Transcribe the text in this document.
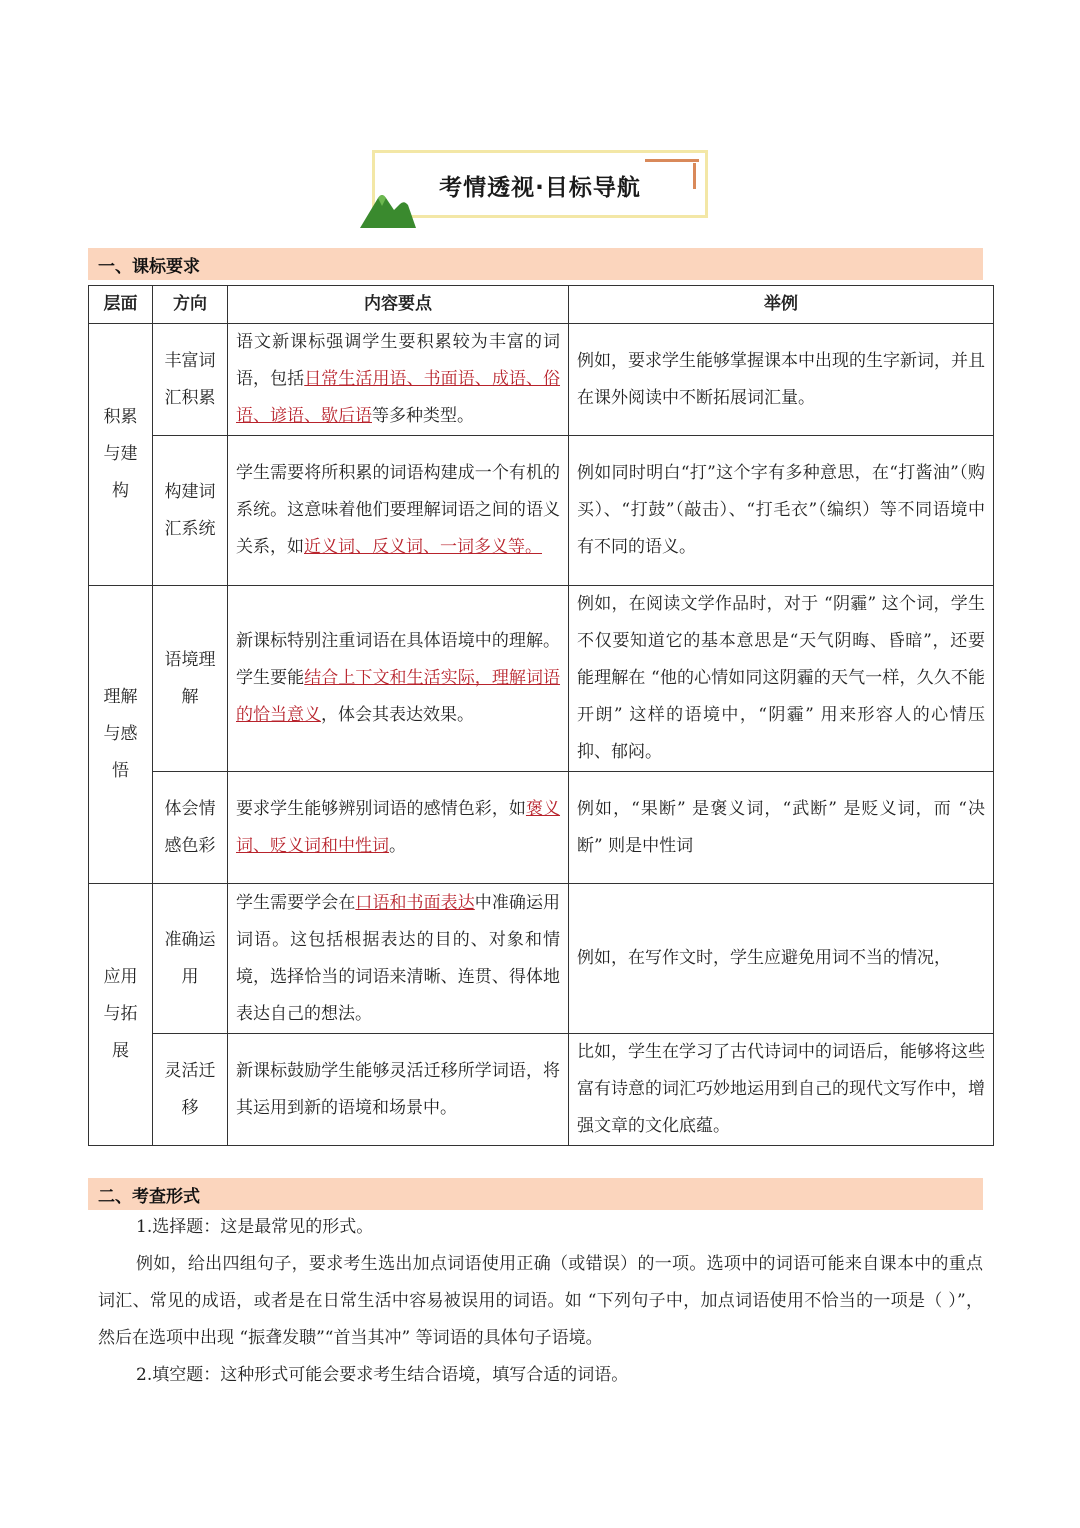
考情透视·目标导航
一、课标要求
层面	方向	内容要点	举例
积累与建构	丰富词汇积累	语文新课标强调学生要积累较为丰富的词语，包括日常生活用语、书面语、成语、俗语、谚语、歇后语等多种类型。	例如，要求学生能够掌握课本中出现的生字新词，并且在课外阅读中不断拓展词汇量。
	构建词汇系统	学生需要将所积累的词语构建成一个有机的系统。这意味着他们要理解词语之间的语义关系，如近义词、反义词、一词多义等。	例如同时明白“打”这个字有多种意思，在“打酱油”（购买）、“打鼓”（敲击）、“打毛衣”（编织）等不同语境中有不同的语义。
理解与感悟	语境理解	新课标特别注重词语在具体语境中的理解。学生要能结合上下文和生活实际，理解词语的恰当意义，体会其表达效果。	例如，在阅读文学作品时，对于 “阴霾” 这个词，学生不仅要知道它的基本意思是“天气阴晦、昏暗”，还要能理解在 “他的心情如同这阴霾的天气一样，久久不能开朗” 这样的语境中，“阴霾” 用来形容人的心情压抑、郁闷。
	体会情感色彩	要求学生能够辨别词语的感情色彩，如褒义词、贬义词和中性词。	例如，“果断” 是褒义词，“武断” 是贬义词，而 “决断” 则是中性词
应用与拓展	准确运用	学生需要学会在口语和书面表达中准确运用词语。这包括根据表达的目的、对象和情境，选择恰当的词语来清晰、连贯、得体地表达自己的想法。	例如，在写作文时，学生应避免用词不当的情况，
	灵活迁移	新课标鼓励学生能够灵活迁移所学词语，将其运用到新的语境和场景中。	比如，学生在学习了古代诗词中的词语后，能够将这些富有诗意的词汇巧妙地运用到自己的现代文写作中，增强文章的文化底蕴。
二、考查形式

1.选择题：这是最常见的形式。

例如，给出四组句子，要求考生选出加点词语使用正确（或错误）的一项。选项中的词语可能来自课本中的重点词汇、常见的成语，或者是在日常生活中容易被误用的词语。如 “下列句子中，加点词语使用不恰当的一项是（ ）”，然后在选项中出现 “振聋发聩”“首当其冲” 等词语的具体句子语境。

2.填空题：这种形式可能会要求考生结合语境，填写合适的词语。
